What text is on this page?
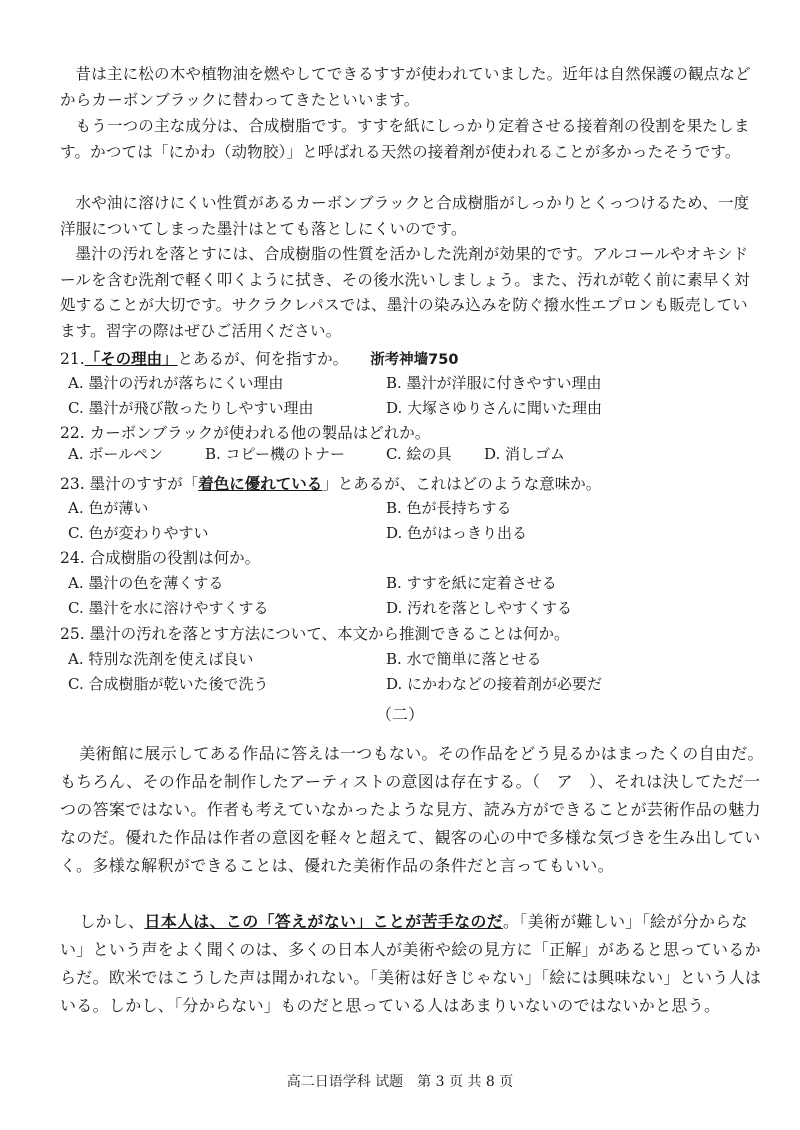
昔は主に松の木や植物油を燃やしてできるすすが使われていました。近年は自然保護の観点などからカーボンブラックに替わってきたといいます。

もう一つの主な成分は、合成樹脂です。すすを紙にしっかり定着させる接着剤の役割を果たします。かつては「にかわ（动物胶）」と呼ばれる天然の接着剤が使われることが多かったそうです。

水や油に溶けにくい性質があるカーボンブラックと合成樹脂がしっかりとくっつけるため、一度洋服についてしまった墨汁はとても落としにくいのです。

墨汁の汚れを落とすには、合成樹脂の性質を活かした洗剤が効果的です。アルコールやオキシドールを含む洗剤で軽く叩くように拭き、その後水洗いしましょう。また、汚れが乾く前に素早く対処することが大切です。サクラクレパスでは、墨汁の染み込みを防ぐ撥水性エプロンも販売しています。習字の際はぜひご活用ください。

21.「その理由」とあるが、何を指すか。 浙考神墙750

A. 墨汁の汚れが落ちにくい理由	B. 墨汁が洋服に付きやすい理由
C. 墨汁が飛び散ったりしやすい理由	D. 大塚さゆりさんに聞いた理由

22. カーボンブラックが使われる他の製品はどれか。

A. ボールペン	B. コピー機のトナー	C. 絵の具 D. 消しゴム

23. 墨汁のすすが「着色に優れている」とあるが、これはどのような意味か。

A. 色が薄い	B. 色が長持ちする
C. 色が変わりやすい	D. 色がはっきり出る

24. 合成樹脂の役割は何か。

A. 墨汁の色を薄くする	B. すすを紙に定着させる
C. 墨汁を水に溶けやすくする	D. 汚れを落としやすくする

25. 墨汁の汚れを落とす方法について、本文から推測できることは何か。

A. 特別な洗剤を使えば良い	B. 水で簡単に落とせる
C. 合成樹脂が乾いた後で洗う	D. にかわなどの接着剤が必要だ
（二）

美術館に展示してある作品に答えは一つもない。その作品をどう見るかはまったくの自由だ。もちろん、その作品を制作したアーティストの意図は存在する。（　ア　）、それは決してただ一つの答案ではない。作者も考えていなかったような見方、読み方ができることが芸術作品の魅力なのだ。優れた作品は作者の意図を軽々と超えて、観客の心の中で多様な気づきを生み出していく。多様な解釈ができることは、優れた美術作品の条件だと言ってもいい。

しかし、日本人は、この「答えがない」ことが苦手なのだ。「美術が難しい」「絵が分からない」という声をよく聞くのは、多くの日本人が美術や絵の見方に「正解」があると思っているからだ。欧米ではこうした声は聞かれない。「美術は好きじゃない」「絵には興味ない」という人はいる。しかし、「分からない」ものだと思っている人はあまりいないのではないかと思う。

高二日语学科 试题　第 3 页 共 8 页
